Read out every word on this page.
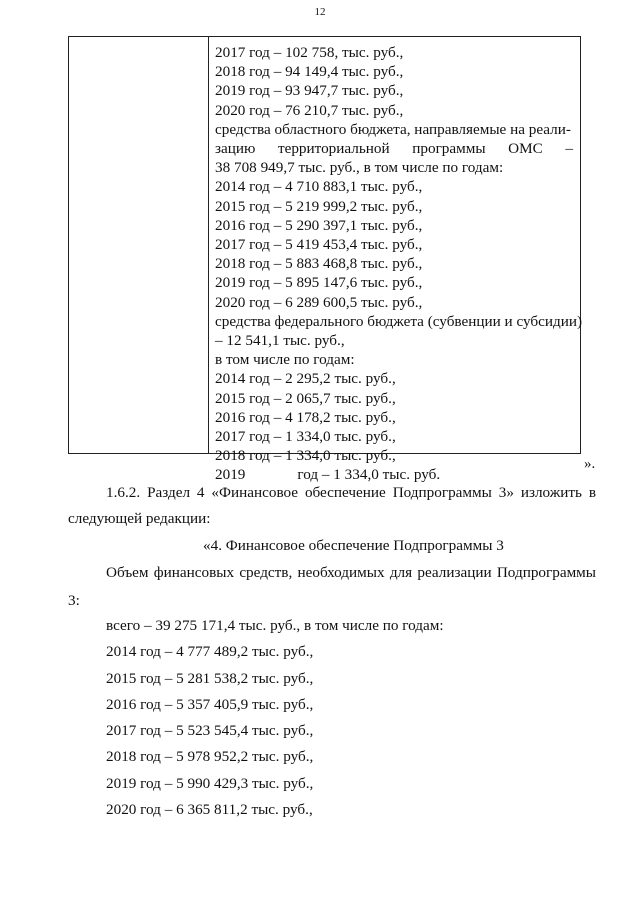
12
2017 год – 102 758, тыс. руб.,
2018 год – 94 149,4 тыс. руб.,
2019 год – 93 947,7 тыс. руб.,
2020 год – 76 210,7 тыс. руб.,
средства областного бюджета, направляемые на реали-
зацию территориальной программы ОМС –
38 708 949,7 тыс. руб., в том числе по годам:
2014 год – 4 710 883,1 тыс. руб.,
2015 год – 5 219 999,2 тыс. руб.,
2016 год – 5 290 397,1 тыс. руб.,
2017 год – 5 419 453,4 тыс. руб.,
2018 год – 5 883 468,8 тыс. руб.,
2019 год – 5 895 147,6 тыс. руб.,
2020 год – 6 289 600,5 тыс. руб.,
средства федерального бюджета (субвенции и субсидии)
– 12 541,1 тыс. руб.,
в том числе по годам:
2014 год – 2 295,2 тыс. руб.,
2015 год – 2 065,7 тыс. руб.,
2016 год – 4 178,2 тыс. руб.,
2017 год – 1 334,0 тыс. руб.,
2018 год – 1 334,0 тыс. руб.,
2019	год – 1 334,0 тыс. руб.
».
1.6.2. Раздел 4 «Финансовое обеспечение Подпрограммы 3» изложить в
следующей редакции:
«4. Финансовое обеспечение Подпрограммы 3
Объем финансовых средств, необходимых для реализации Подпрограммы
3:
всего – 39 275 171,4 тыс. руб., в том числе по годам:
2014 год – 4 777 489,2 тыс. руб.,
2015 год – 5 281 538,2 тыс. руб.,
2016 год – 5 357 405,9 тыс. руб.,
2017 год – 5 523 545,4 тыс. руб.,
2018 год – 5 978 952,2 тыс. руб.,
2019 год – 5 990 429,3 тыс. руб.,
2020 год – 6 365 811,2 тыс. руб.,
